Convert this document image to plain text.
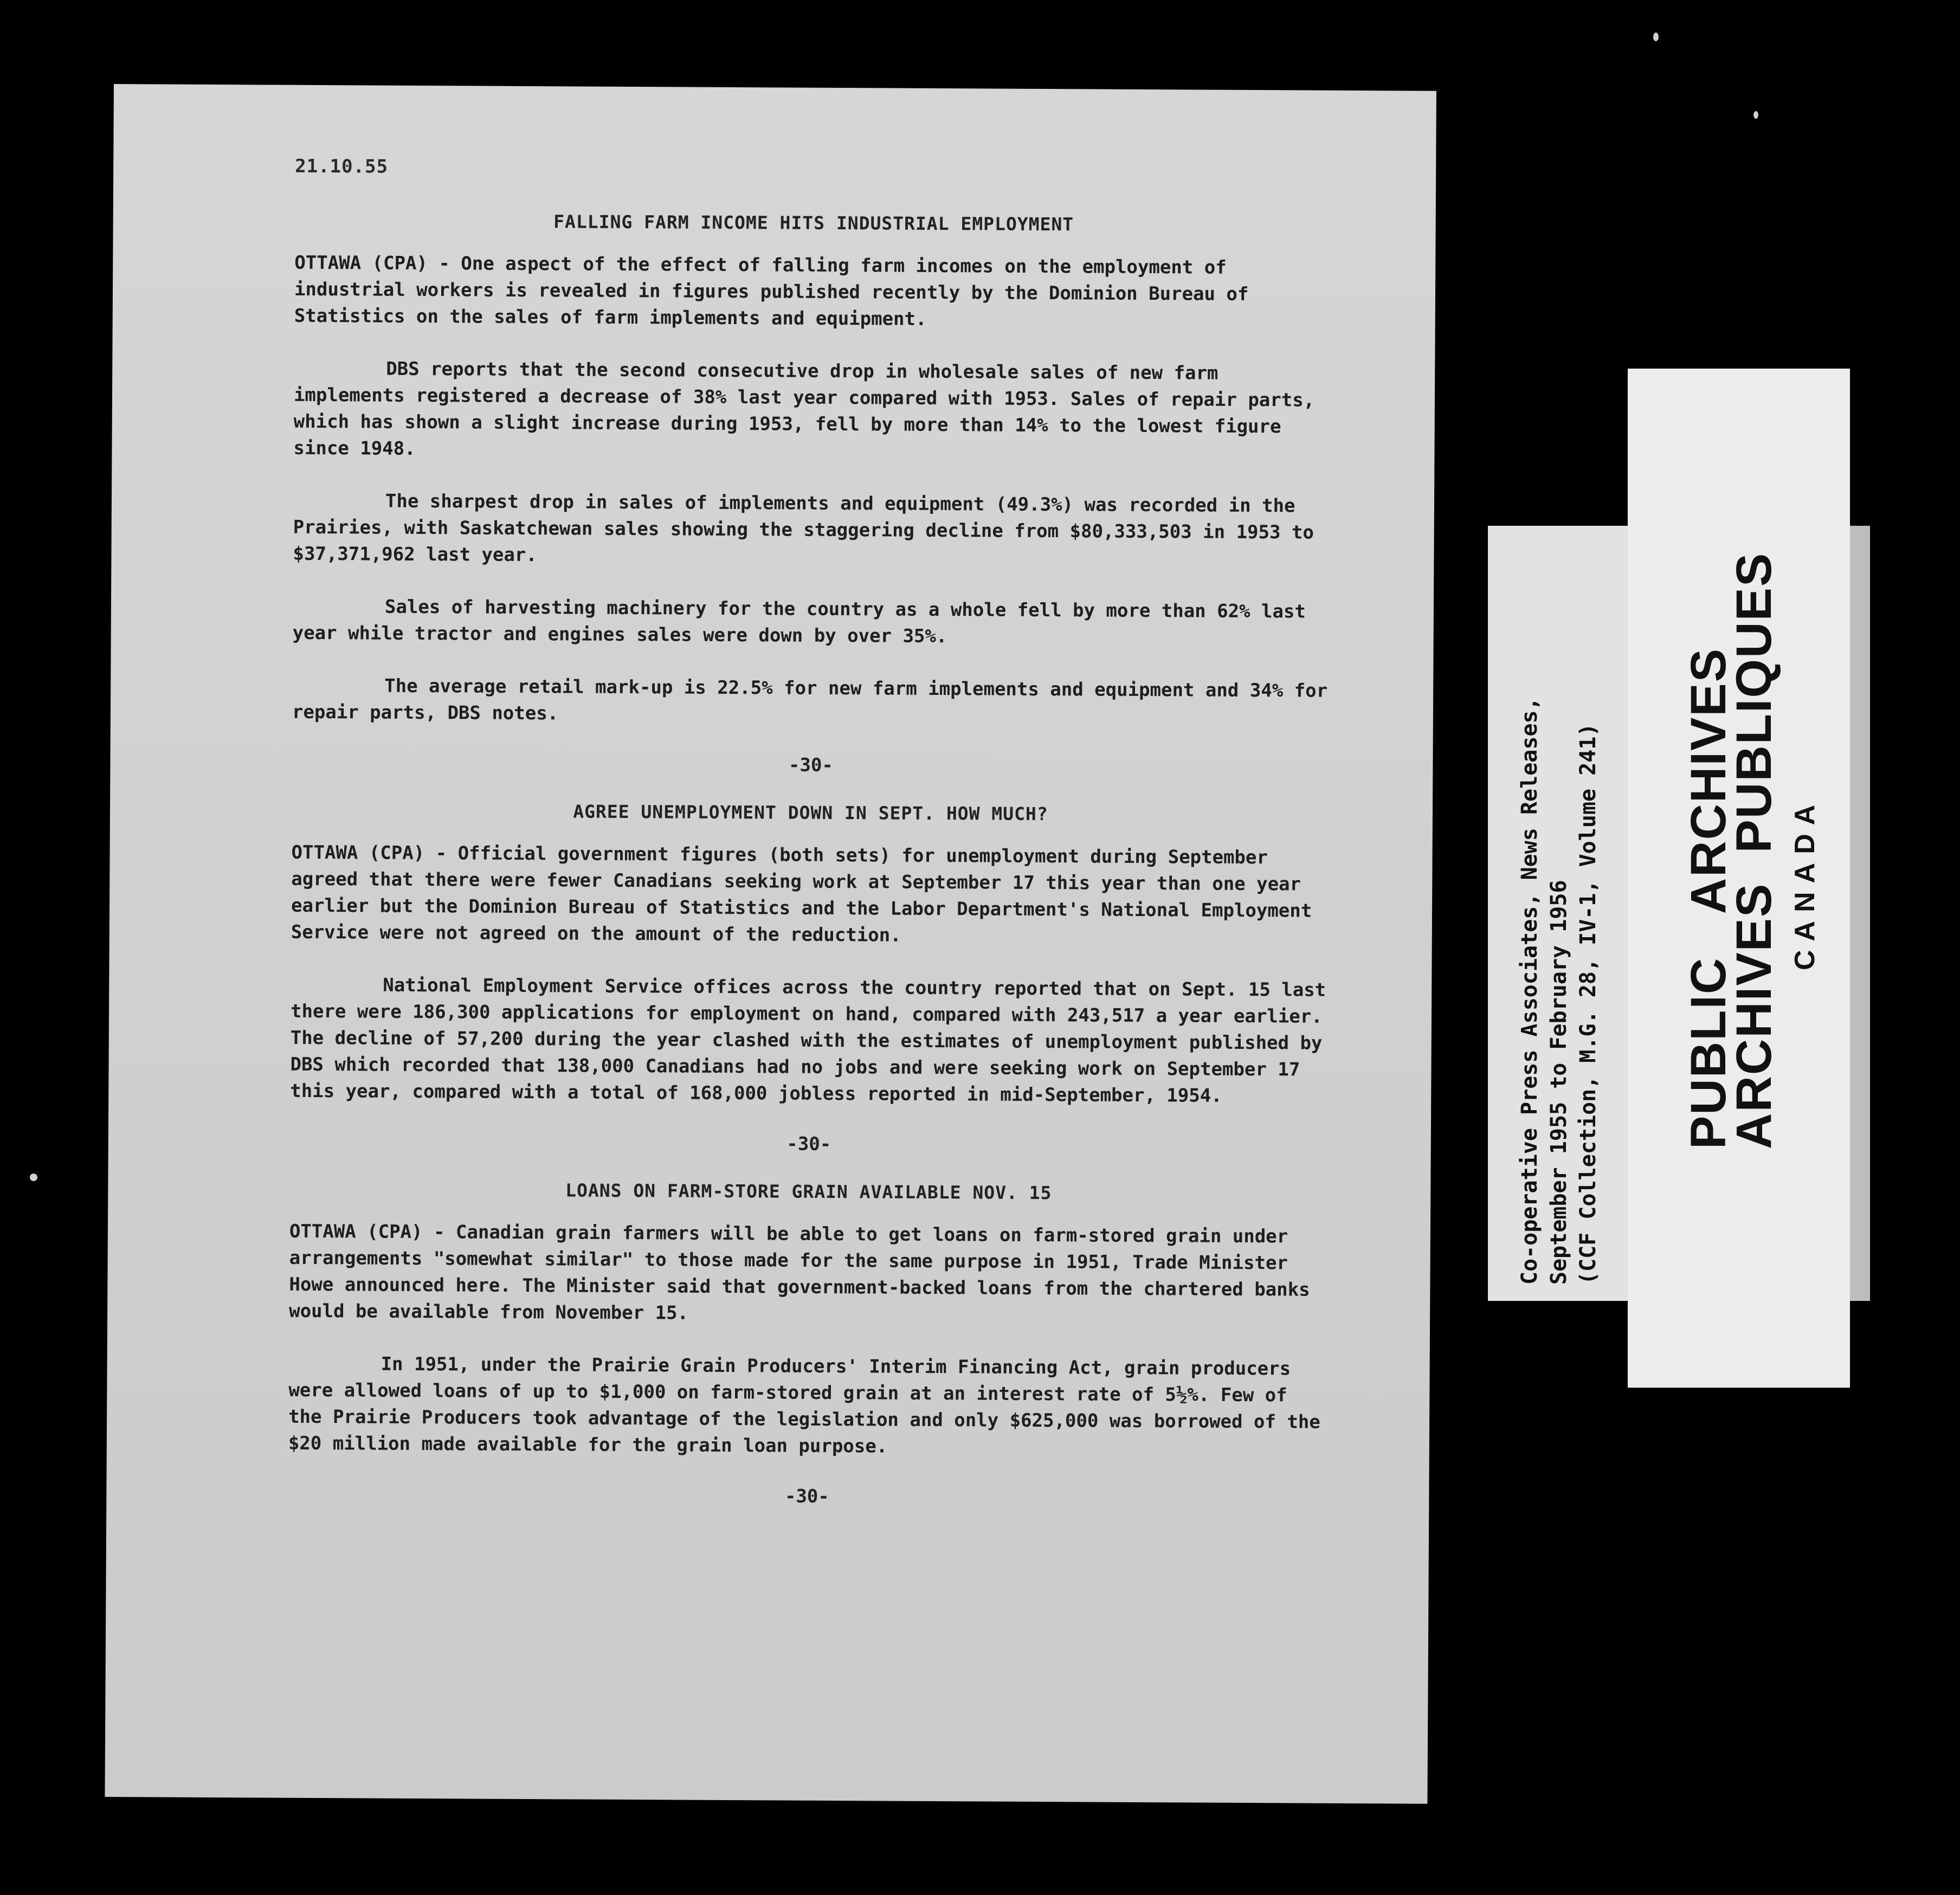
21.10.55
FALLING FARM INCOME HITS INDUSTRIAL EMPLOYMENT
OTTAWA (CPA) - One aspect of the effect of falling farm incomes on the employment of industrial workers is revealed in figures published recently by the Dominion Bureau of Statistics on the sales of farm implements and equipment.
DBS reports that the second consecutive drop in wholesale sales of new farm implements registered a decrease of 38% last year compared with 1953. Sales of repair parts, which has shown a slight increase during 1953, fell by more than 14% to the lowest figure since 1948.
The sharpest drop in sales of implements and equipment (49.3%) was recorded in the Prairies, with Saskatchewan sales showing the staggering decline from $80,333,503 in 1953 to $37,371,962 last year.
Sales of harvesting machinery for the country as a whole fell by more than 62% last year while tractor and engines sales were down by over 35%.
The average retail mark-up is 22.5% for new farm implements and equipment and 34% for repair parts, DBS notes.
-30-
AGREE UNEMPLOYMENT DOWN IN SEPT. HOW MUCH?
OTTAWA (CPA) - Official government figures (both sets) for unemployment during September agreed that there were fewer Canadians seeking work at September 17 this year than one year earlier but the Dominion Bureau of Statistics and the Labor Department's National Employment Service were not agreed on the amount of the reduction.
National Employment Service offices across the country reported that on Sept. 15 last there were 186,300 applications for employment on hand, compared with 243,517 a year earlier. The decline of 57,200 during the year clashed with the estimates of unemployment published by DBS which recorded that 138,000 Canadians had no jobs and were seeking work on September 17 this year, compared with a total of 168,000 jobless reported in mid-September, 1954.
-30-
LOANS ON FARM-STORE GRAIN AVAILABLE NOV. 15
OTTAWA (CPA) - Canadian grain farmers will be able to get loans on farm-stored grain under arrangements "somewhat similar" to those made for the same purpose in 1951, Trade Minister Howe announced here. The Minister said that government-backed loans from the chartered banks would be available from November 15.
In 1951, under the Prairie Grain Producers' Interim Financing Act, grain producers were allowed loans of up to $1,000 on farm-stored grain at an interest rate of 5½%. Few of the Prairie Producers took advantage of the legislation and only $625,000 was borrowed of the $20 million made available for the grain loan purpose.
-30-
Co-operative Press Associates, News Releases, September 1955 to February 1956 (CCF Collection, M.G. 28, IV-1, Volume 241) PUBLIC   ARCHIVES
ARCHIVES  PUBLIQUES CANADA
